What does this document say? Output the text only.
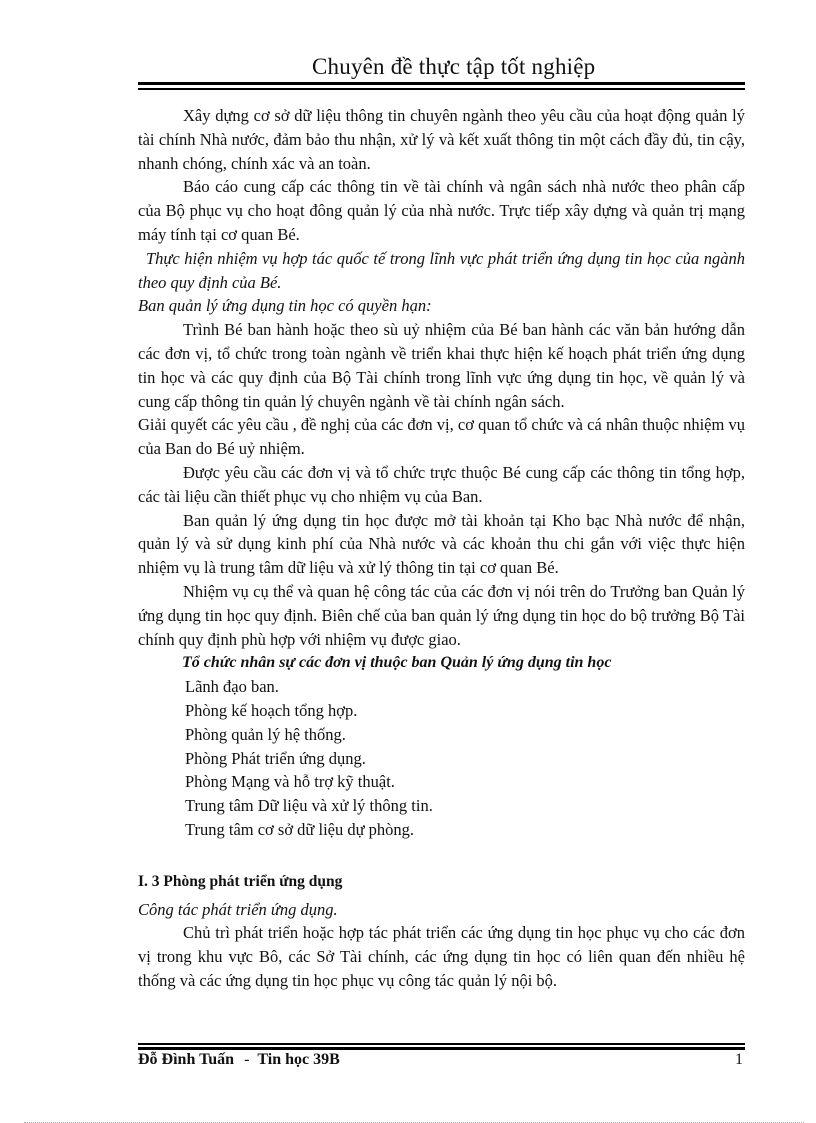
Chuyên đề thực tập tốt nghiệp

Xây dựng cơ sở dữ liệu thông tin chuyên ngành theo yêu cầu của hoạt động quản lý tài chính Nhà nước, đảm bảo thu nhận, xử lý và kết xuất thông tin một cách đầy đủ, tin cậy, nhanh chóng, chính xác và an toàn.

Báo cáo cung cấp các thông tin về tài chính và ngân sách nhà nước theo phân cấp của Bộ phục vụ cho hoạt đông quản lý của nhà nước. Trực tiếp xây dựng và quản trị mạng máy tính tại cơ quan Bé.

Thực hiện nhiệm vụ hợp tác quốc tế trong lĩnh vực phát triển ứng dụng tin học của ngành theo quy định của Bé.

Ban quản lý ứng dụng tin học có quyền hạn:

Trình Bé ban hành hoặc theo sù uỷ nhiệm của Bé ban hành các văn bản hướng dẫn các đơn vị, tổ chức trong toàn ngành về triển khai thực hiện kế hoạch phát triển ứng dụng tin học và các quy định của Bộ Tài chính trong lĩnh vực ứng dụng tin học, về quản lý và cung cấp thông tin quản lý chuyên ngành về tài chính ngân sách.

Giải quyết các yêu cầu , đề nghị của các đơn vị, cơ quan tổ chức và cá nhân thuộc nhiệm vụ của Ban do Bé uỷ nhiệm.

Được yêu cầu các đơn vị và tổ chức trực thuộc Bé cung cấp các thông tin tổng hợp, các tài liệu cần thiết phục vụ cho nhiệm vụ của Ban.

Ban quản lý ứng dụng tin học được mở tài khoản tại Kho bạc Nhà nước để nhận, quản lý và sử dụng kinh phí của Nhà nước và các khoản thu chi gắn với việc thực hiện nhiệm vụ là trung tâm dữ liệu và xử lý thông tin tại cơ quan Bé.

Nhiệm vụ cụ thể và quan hệ công tác của các đơn vị nói trên do Trưởng ban Quản lý ứng dụng tin học quy định. Biên chế của ban quản lý ứng dụng tin học do bộ trưởng Bộ Tài chính quy định phù hợp với nhiệm vụ được giao.

Tổ chức nhân sự các đơn vị thuộc ban Quản lý ứng dụng tin học

Lãnh đạo ban.
Phòng kế hoạch tổng hợp.
Phòng quản lý hệ thống.
Phòng Phát triển ứng dụng.
Phòng Mạng và hỗ trợ kỹ thuật.
Trung tâm Dữ liệu và xử lý thông tin.
Trung tâm cơ sở dữ liệu dự phòng.

I. 3 Phòng phát triển ứng dụng

Công tác phát triển ứng dụng.

Chủ trì phát triển hoặc hợp tác phát triển các ứng dụng tin học phục vụ cho các đơn vị trong khu vực Bô, các Sở Tài chính, các ứng dụng tin học có liên quan đến nhiều hệ thống và các ứng dụng tin học phục vụ công tác quản lý nội bộ.

Đỗ Đình Tuấn - Tin học 39B	1
